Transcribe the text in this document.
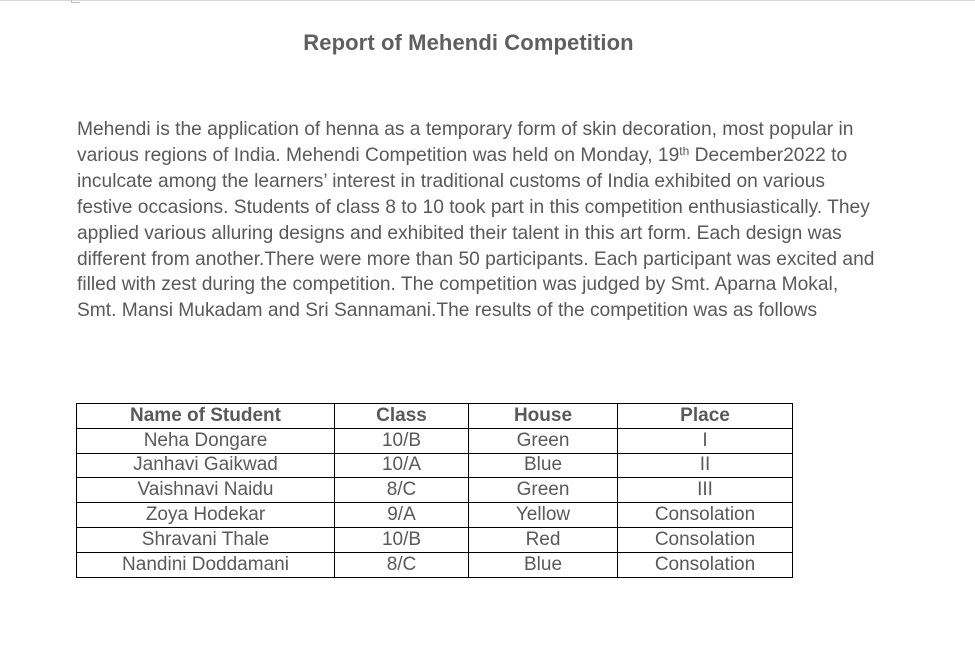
Report of Mehendi Competition
Mehendi is the application of henna as a temporary form of skin decoration, most popular in various regions of India. Mehendi Competition was held on Monday, 19th December2022 to inculcate among the learners’ interest in traditional customs of India exhibited on various festive occasions. Students of class 8 to 10 took part in this competition enthusiastically. They applied various alluring designs and exhibited their talent in this art form. Each design was different from another.There were more than 50 participants. Each participant was excited and filled with zest during the competition. The competition was judged by Smt. Aparna Mokal, Smt. Mansi Mukadam and Sri Sannamani.The results of the competition was as follows
Name of Student	Class	House	Place
Neha Dongare	10/B	Green	I
Janhavi Gaikwad	10/A	Blue	II
Vaishnavi Naidu	8/C	Green	III
Zoya Hodekar	9/A	Yellow	Consolation
Shravani Thale	10/B	Red	Consolation
Nandini Doddamani	8/C	Blue	Consolation
